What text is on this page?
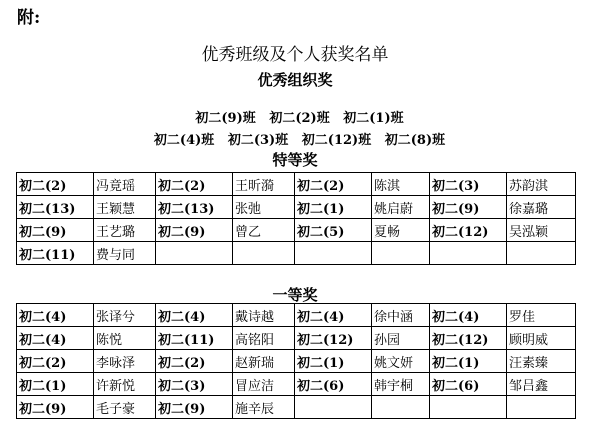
附:
优秀班级及个人获奖名单
优秀组织奖

初二(9)班 初二(2)班 初二(1)班

初二(4)班 初二(3)班 初二(12)班 初二(8)班

特等奖
初二(2)	冯竟瑶	初二(2)	王昕漪	初二(2)	陈淇	初二(3)	苏韵淇
初二(13)	王颖慧	初二(13)	张弛	初二(1)	姚启蔚	初二(9)	徐嘉璐
初二(9)	王艺璐	初二(9)	曾乙	初二(5)	夏畅	初二(12)	吴泓颖
初二(11)	费与同						
一等奖
初二(4)	张译兮	初二(4)	戴诗越	初二(4)	徐中涵	初二(4)	罗佳
初二(4)	陈悦	初二(11)	高铭阳	初二(12)	孙园	初二(12)	顾明威
初二(2)	李咏泽	初二(2)	赵新瑞	初二(1)	姚文妍	初二(1)	汪素臻
初二(1)	许新悦	初二(3)	冒应洁	初二(6)	韩宇桐	初二(6)	邹吕鑫
初二(9)	毛子豪	初二(9)	施辛辰				
